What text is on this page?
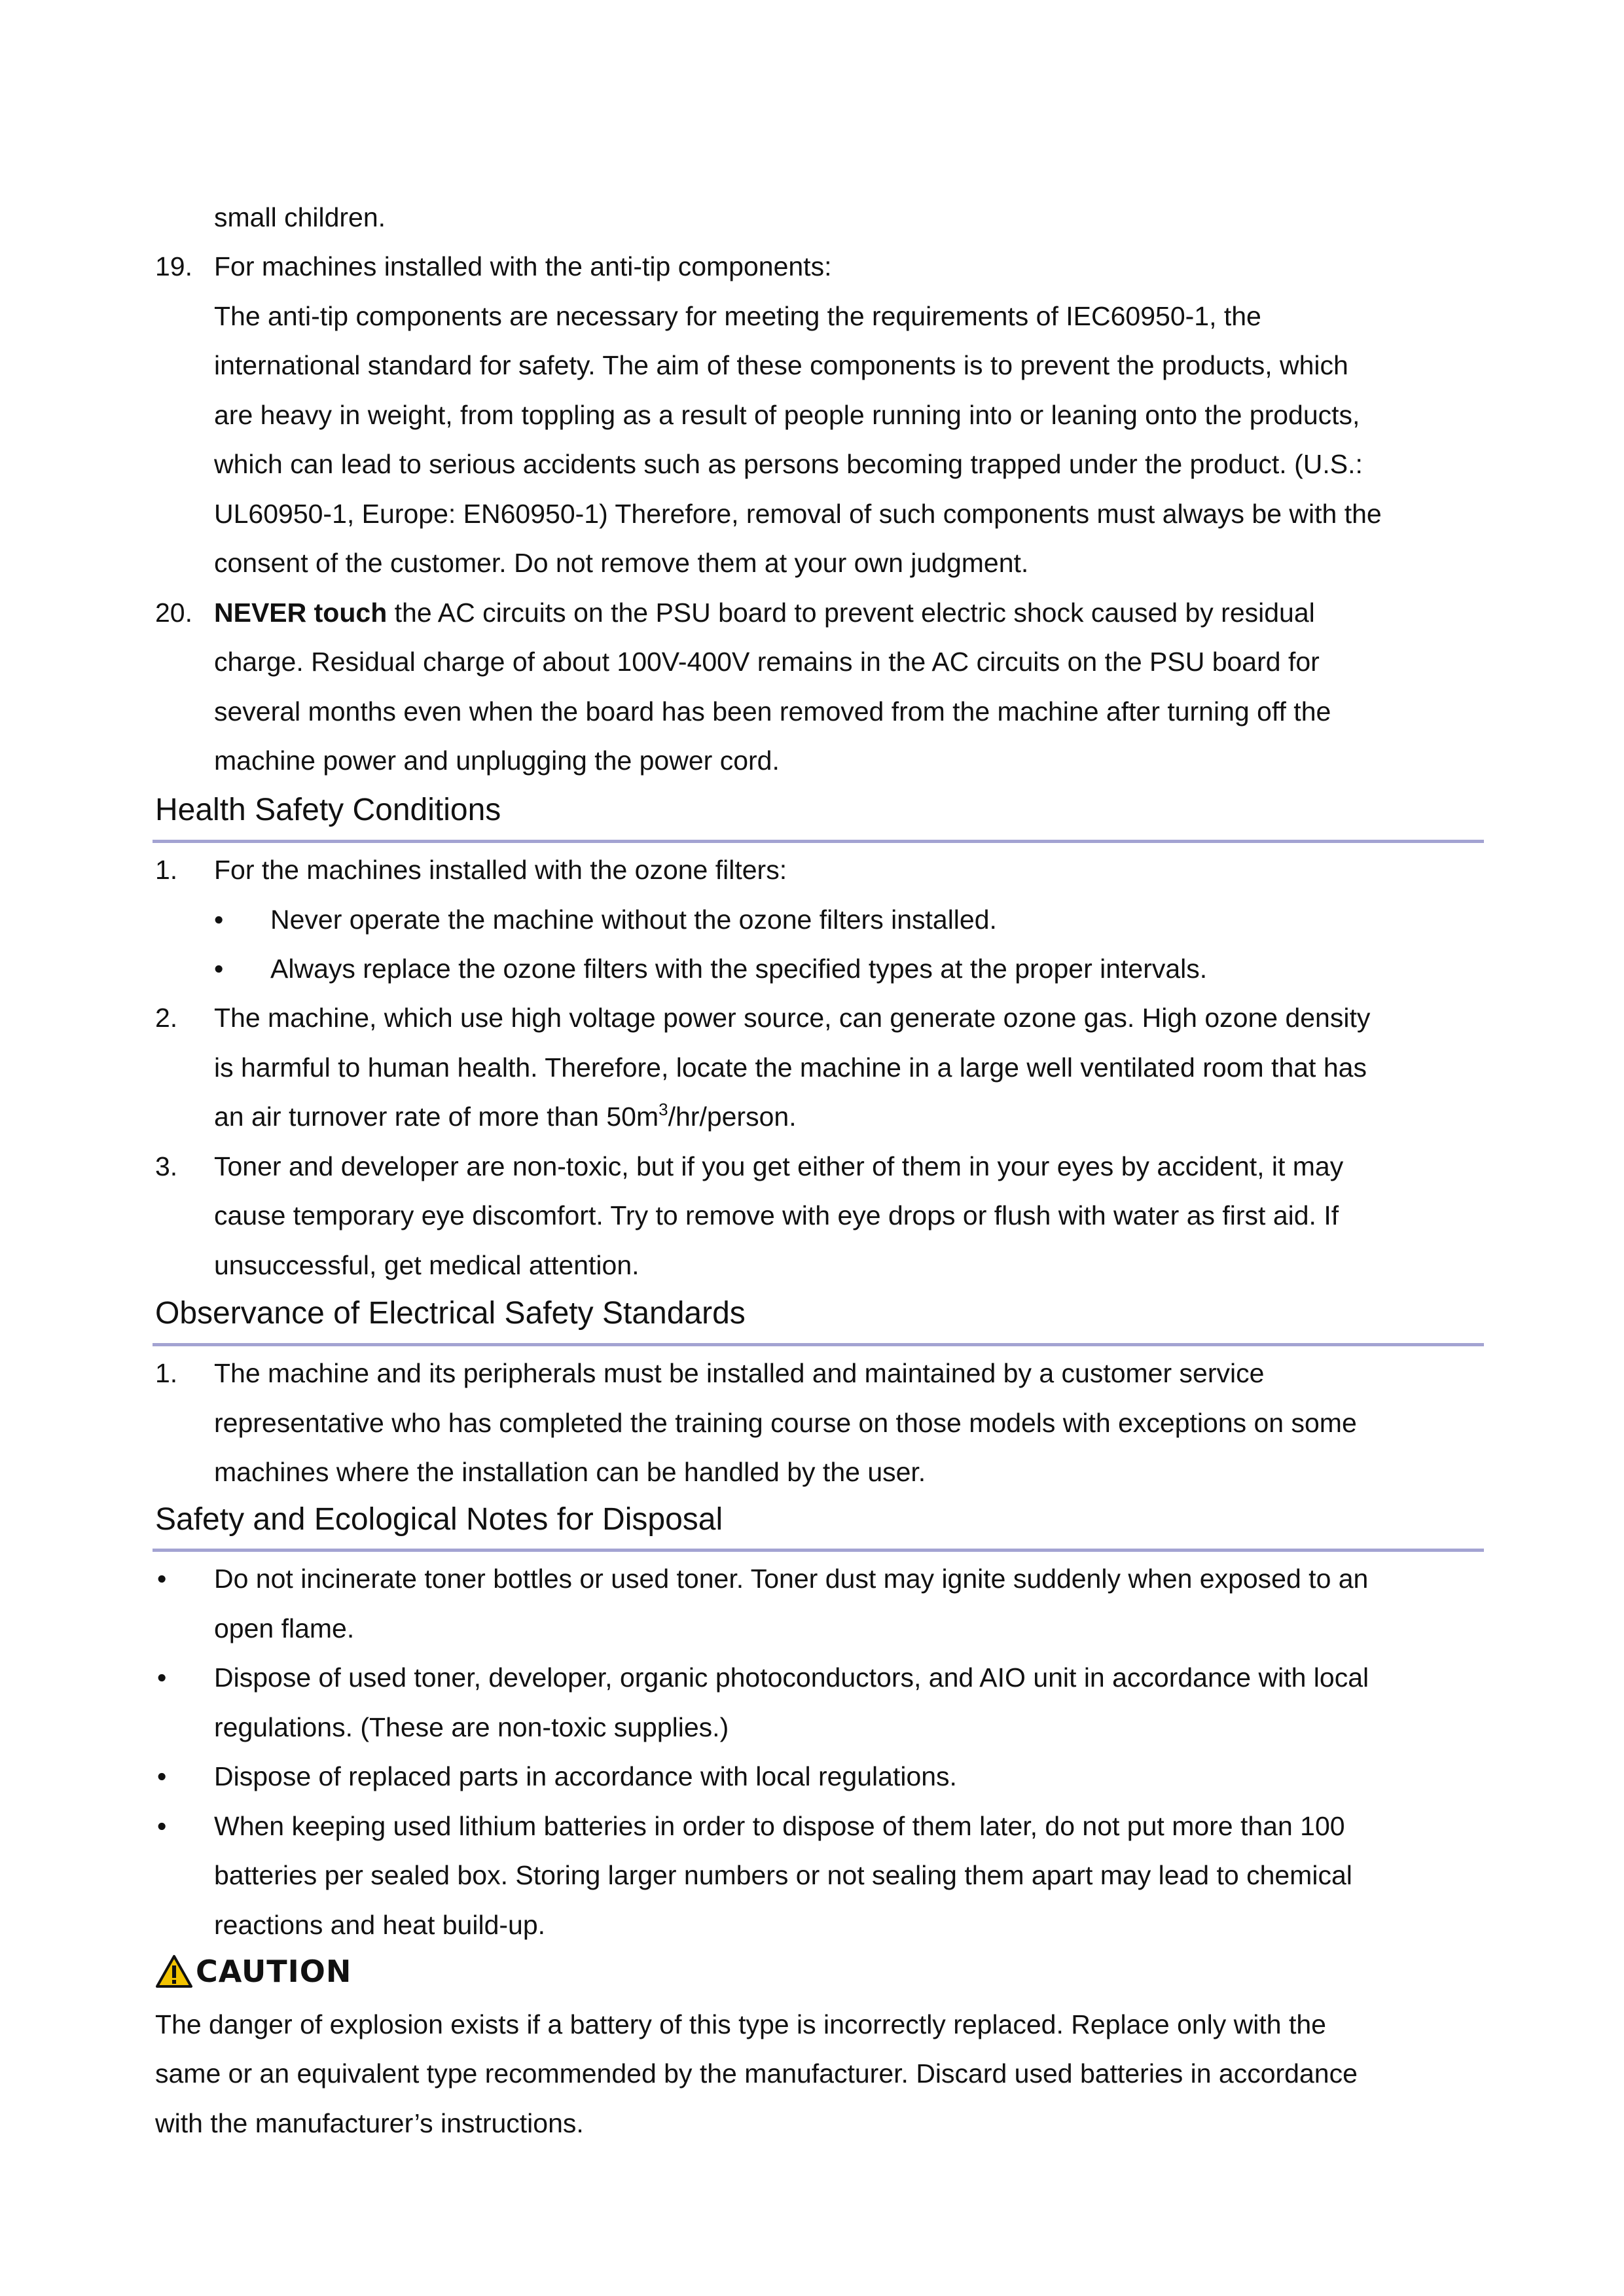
small children.
19. For machines installed with the anti-tip components:
The anti-tip components are necessary for meeting the requirements of IEC60950-1, the
international standard for safety. The aim of these components is to prevent the products, which
are heavy in weight, from toppling as a result of people running into or leaning onto the products,
which can lead to serious accidents such as persons becoming trapped under the product. (U.S.:
UL60950-1, Europe: EN60950-1) Therefore, removal of such components must always be with the
consent of the customer. Do not remove them at your own judgment.
20. NEVER touch the AC circuits on the PSU board to prevent electric shock caused by residual
charge. Residual charge of about 100V-400V remains in the AC circuits on the PSU board for
several months even when the board has been removed from the machine after turning off the
machine power and unplugging the power cord.
Health Safety Conditions
1. For the machines installed with the ozone filters:
• Never operate the machine without the ozone filters installed.
• Always replace the ozone filters with the specified types at the proper intervals.
2. The machine, which use high voltage power source, can generate ozone gas. High ozone density
is harmful to human health. Therefore, locate the machine in a large well ventilated room that has
an air turnover rate of more than $50m^3/hr$/person.
3. Toner and developer are non-toxic, but if you get either of them in your eyes by accident, it may
cause temporary eye discomfort. Try to remove with eye drops or flush with water as first aid. If
unsuccessful, get medical attention.
Observance of Electrical Safety Standards
1. The machine and its peripherals must be installed and maintained by a customer service
representative who has completed the training course on those models with exceptions on some
machines where the installation can be handled by the user.
Safety and Ecological Notes for Disposal
• Do not incinerate toner bottles or used toner. Toner dust may ignite suddenly when exposed to an
open flame.
• Dispose of used toner, developer, organic photoconductors, and AIO unit in accordance with local
regulations. (These are non-toxic supplies.)
• Dispose of replaced parts in accordance with local regulations.
• When keeping used lithium batteries in order to dispose of them later, do not put more than 100
batteries per sealed box. Storing larger numbers or not sealing them apart may lead to chemical
reactions and heat build-up.
CAUTION
The danger of explosion exists if a battery of this type is incorrectly replaced. Replace only with the
same or an equivalent type recommended by the manufacturer. Discard used batteries in accordance
with the manufacturer’s instructions.
